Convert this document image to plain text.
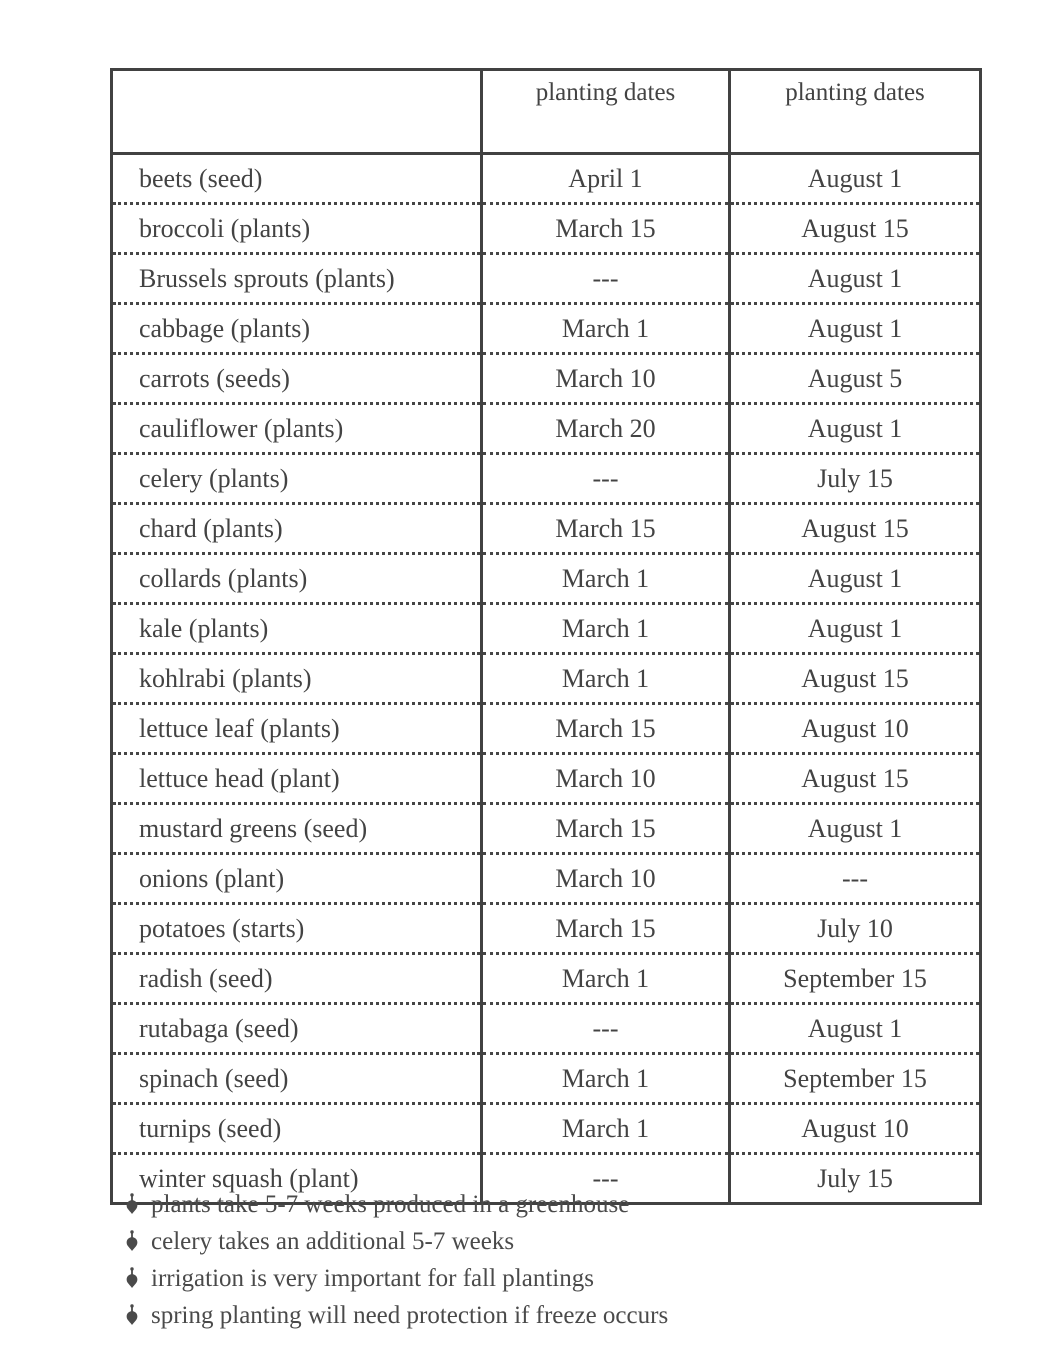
	planting dates	planting dates
beets (seed)	April 1	August 1
broccoli (plants)	March 15	August 15
Brussels sprouts (plants)	---	August 1
cabbage (plants)	March 1	August 1
carrots (seeds)	March 10	August 5
cauliflower (plants)	March 20	August 1
celery (plants)	---	July 15
chard (plants)	March 15	August 15
collards (plants)	March 1	August 1
kale (plants)	March 1	August 1
kohlrabi (plants)	March 1	August 15
lettuce leaf (plants)	March 15	August 10
lettuce head (plant)	March 10	August 15
mustard greens (seed)	March 15	August 1
onions (plant)	March 10	---
potatoes (starts)	March 15	July 10
radish (seed)	March 1	September 15
rutabaga (seed)	---	August 1
spinach (seed)	March 1	September 15
turnips (seed)	March 1	August 10
winter squash (plant)	---	July 15
plants take 5-7 weeks produced in a greenhouse
celery takes an additional 5-7 weeks
irrigation is very important for fall plantings
spring planting will need protection if freeze occurs
